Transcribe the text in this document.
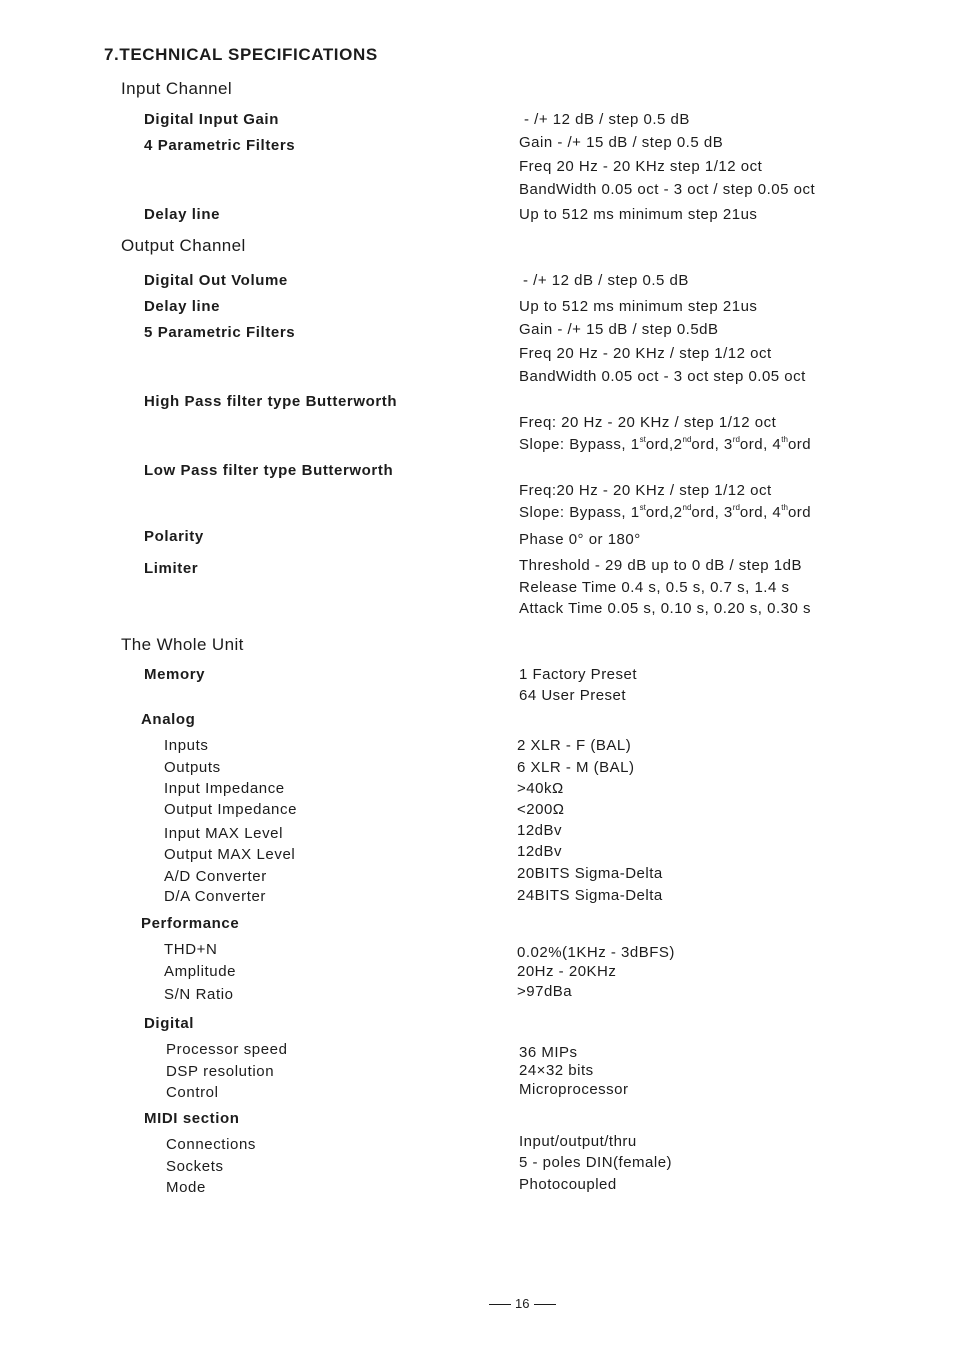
7.TECHNICAL SPECIFICATIONS
Input Channel
Digital Input Gain	- /+ 12 dB / step 0.5 dB
4 Parametric Filters	Gain - /+ 15 dB / step 0.5 dB
Freq 20 Hz - 20 KHz step 1/12 oct
BandWidth 0.05 oct - 3 oct / step 0.05 oct
Delay line	Up to 512 ms minimum step 21us
Output Channel
Digital Out Volume	- /+ 12 dB / step 0.5 dB
Delay line	Up to 512 ms minimum step 21us
5 Parametric Filters	Gain - /+ 15 dB / step 0.5dB
Freq 20 Hz - 20 KHz / step 1/12 oct
BandWidth 0.05 oct - 3 oct step 0.05 oct
High Pass filter type Butterworth
Freq: 20 Hz - 20 KHz / step 1/12 oct
Slope: Bypass, 1stord,2ndord, 3rdord, 4thord
Low Pass filter type Butterworth
Freq:20 Hz - 20 KHz / step 1/12 oct
Slope: Bypass, 1stord,2ndord, 3rdord, 4thord
Polarity	Phase 0° or 180°
Limiter	Threshold - 29 dB up to 0 dB / step 1dB
Release Time 0.4 s, 0.5 s, 0.7 s, 1.4 s
Attack Time 0.05 s, 0.10 s, 0.20 s, 0.30 s
The Whole Unit
Memory	1 Factory Preset
64 User Preset
Analog
Inputs	2 XLR - F (BAL)
Outputs	6 XLR - M (BAL)
Input Impedance	>40kΩ
Output Impedance	<200Ω
Input MAX Level	12dBv
Output MAX Level	12dBv
A/D Converter	20BITS Sigma-Delta
D/A Converter	24BITS Sigma-Delta
Performance
THD+N	0.02%(1KHz - 3dBFS)
Amplitude	20Hz - 20KHz
S/N Ratio	>97dBa
Digital
Processor speed	36 MIPs
DSP resolution	24×32 bits
Control	Microprocessor
MIDI section
Connections	Input/output/thru
Sockets	5 - poles DIN(female)
Mode	Photocoupled
16
